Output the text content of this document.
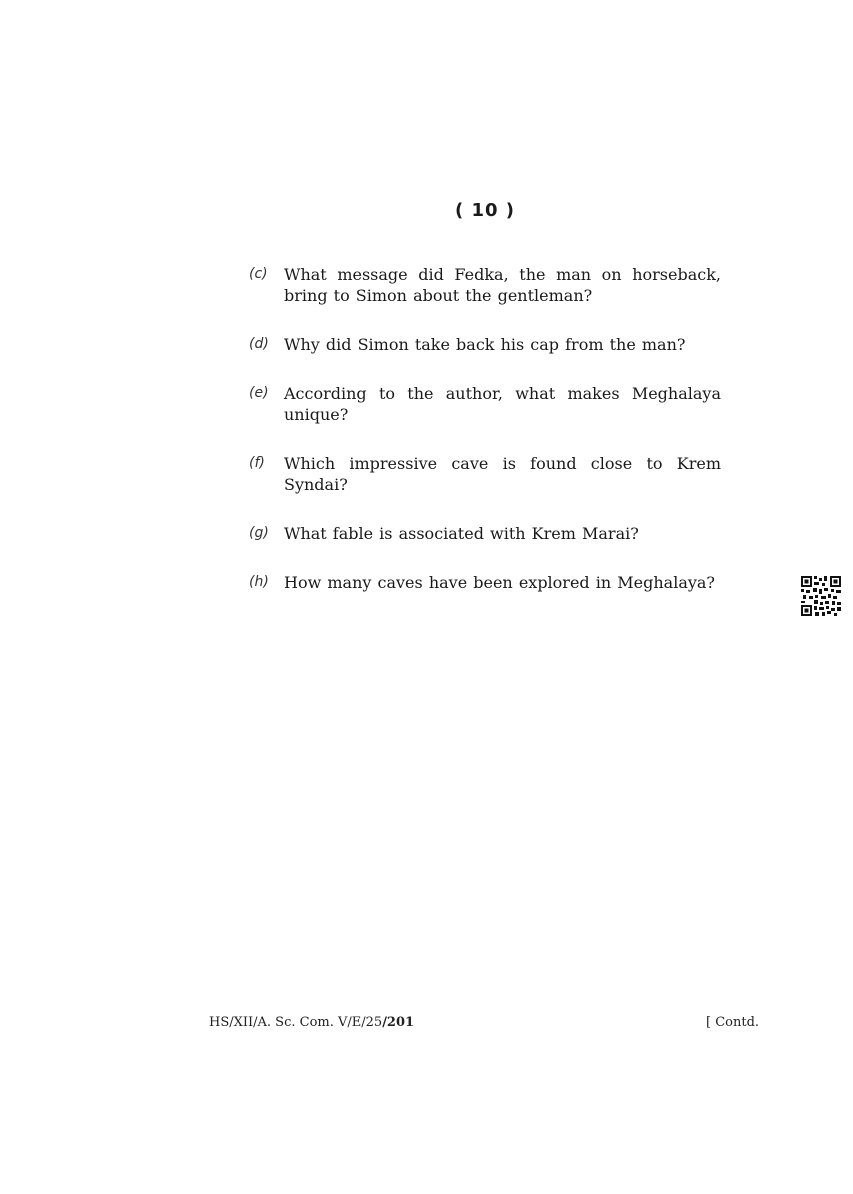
( 10 )
(c) What message did Fedka, the man on horseback, bring to Simon about the gentleman?
(d) Why did Simon take back his cap from the man?
(e) According to the author, what makes Meghalaya unique?
(f) Which impressive cave is found close to Krem Syndai?
(g) What fable is associated with Krem Marai?
(h) How many caves have been explored in Meghalaya?
HS/XII/A. Sc. Com. V/E/25/201	[ Contd.
